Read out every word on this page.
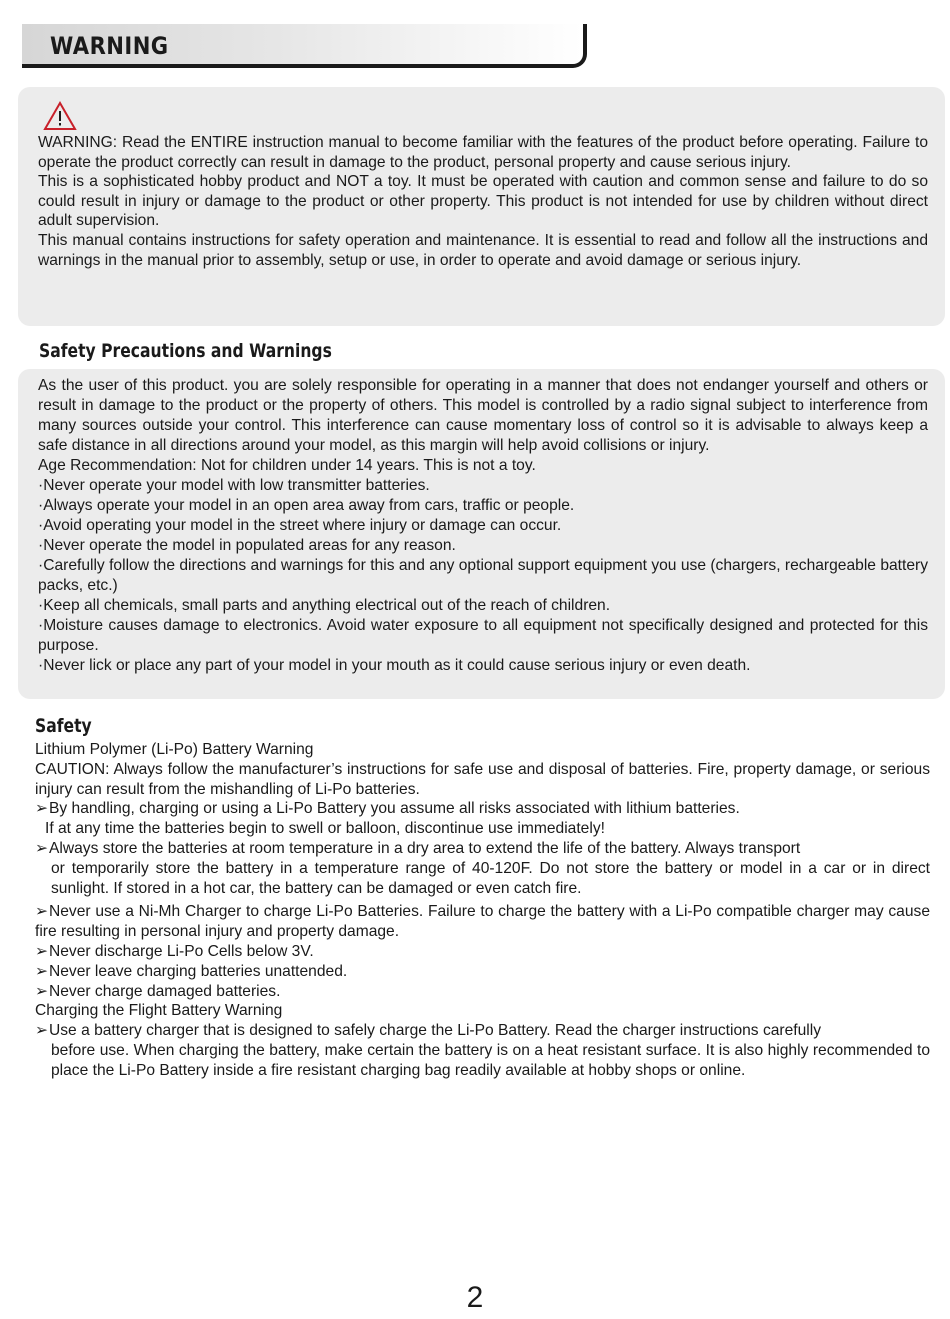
WARNING

WARNING: Read the ENTIRE instruction manual to become familiar with the features of the product before operating. Failure to operate the product correctly can result in damage to the product, personal property and cause serious injury.

This is a sophisticated hobby product and NOT a toy. It must be operated with caution and common sense and failure to do so could result in injury or damage to the product or other property. This product is not intended for use by children without direct adult supervision.

This manual contains instructions for safety operation and maintenance. It is essential to read and follow all the instructions and warnings in the manual prior to assembly, setup or use, in order to operate and avoid damage or serious injury.

Safety Precautions and Warnings

As the user of this product. you are solely responsible for operating in a manner that does not endanger yourself and others or result in damage to the product or the property of others. This model is controlled by a radio signal subject to interference from many sources outside your control. This interference can cause momentary loss of control so it is advisable to always keep a safe distance in all directions around your model, as this margin will help avoid collisions or injury.

Age Recommendation: Not for children under 14 years. This is not a toy.

·Never operate your model with low transmitter batteries.

·Always operate your model in an open area away from cars, traffic or people.

·Avoid operating your model in the street where injury or damage can occur.

·Never operate the model in populated areas for any reason.

·Carefully follow the directions and warnings for this and any optional support equipment you use (chargers, rechargeable battery packs, etc.)

·Keep all chemicals, small parts and anything electrical out of the reach of children.

·Moisture causes damage to electronics. Avoid water exposure to all equipment not specifically designed and protected for this purpose.

·Never lick or place any part of your model in your mouth as it could cause serious injury or even death.

Safety

Lithium Polymer (Li-Po) Battery Warning

CAUTION: Always follow the manufacturer’s instructions for safe use and disposal of batteries. Fire, property damage, or serious injury can result from the mishandling of Li-Po batteries.

➢By handling, charging or using a Li-Po Battery you assume all risks associated with lithium batteries.

If at any time the batteries begin to swell or balloon, discontinue use immediately!

➢Always store the batteries at room temperature in a dry area to extend the life of the battery. Always transport

or temporarily store the battery in a temperature range of 40-120F. Do not store the battery or model in a car or in direct sunlight. If stored in a hot car, the battery can be damaged or even catch fire.

➢Never use a Ni-Mh Charger to charge Li-Po Batteries. Failure to charge the battery with a Li-Po compatible charger may cause fire resulting in personal injury and property damage.

➢Never discharge Li-Po Cells below 3V.

➢Never leave charging batteries unattended.

➢Never charge damaged batteries.

Charging the Flight Battery Warning

➢Use a battery charger that is designed to safely charge the Li-Po Battery. Read the charger instructions carefully

before use. When charging the battery, make certain the battery is on a heat resistant surface. It is also highly recommended to place the Li-Po Battery inside a fire resistant charging bag readily available at hobby shops or online.

2
